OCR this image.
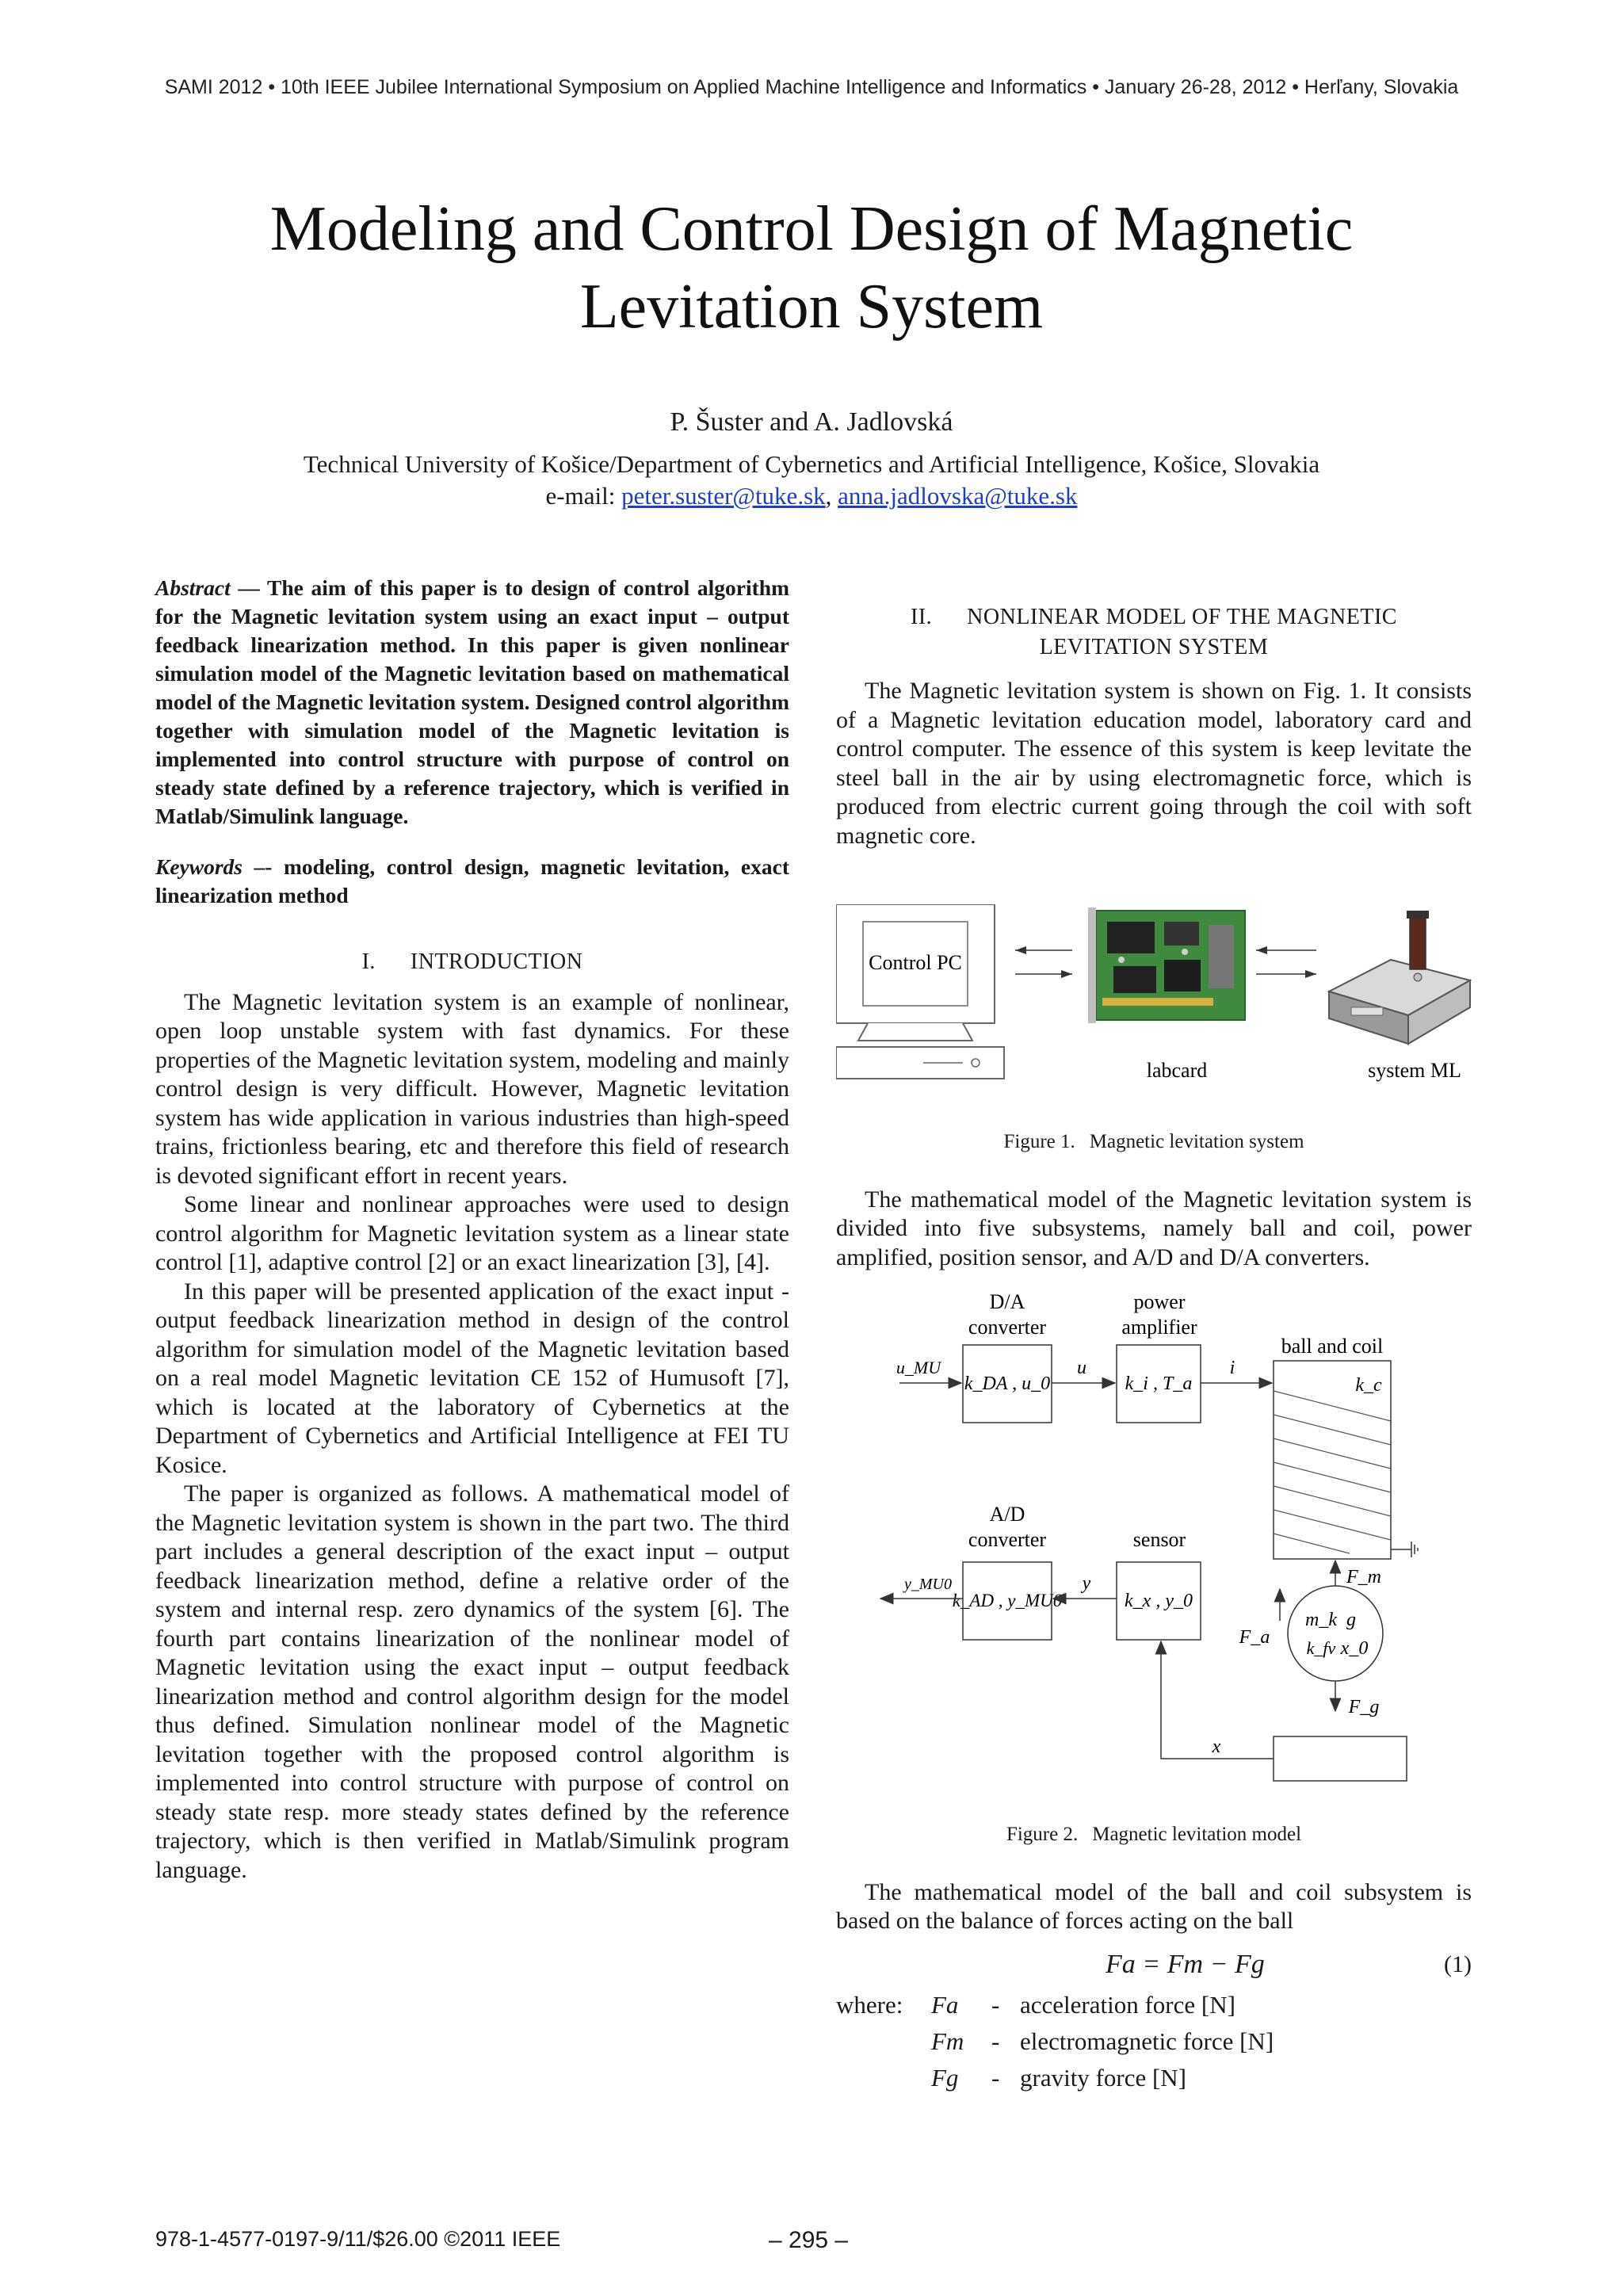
SAMI 2012 • 10th IEEE Jubilee International Symposium on Applied Machine Intelligence and Informatics • January 26-28, 2012 • Herľany, Slovakia
Modeling and Control Design of Magnetic
Levitation System
P. Šuster and A. Jadlovská
Technical University of Košice/Department of Cybernetics and Artificial Intelligence, Košice, Slovakia
e-mail: peter.suster@tuke.sk, anna.jadlovska@tuke.sk

Abstract — The aim of this paper is to design of control algorithm for the Magnetic levitation system using an exact input – output feedback linearization method. In this paper is given nonlinear simulation model of the Magnetic levitation based on mathematical model of the Magnetic levitation system. Designed control algorithm together with simulation model of the Magnetic levitation is implemented into control structure with purpose of control on steady state defined by a reference trajectory, which is verified in Matlab/Simulink language.

Keywords –- modeling, control design, magnetic levitation, exact linearization method

I. INTRODUCTION

The Magnetic levitation system is an example of nonlinear, open loop unstable system with fast dynamics. For these properties of the Magnetic levitation system, modeling and mainly control design is very difficult. However, Magnetic levitation system has wide application in various industries than high-speed trains, frictionless bearing, etc and therefore this field of research is devoted significant effort in recent years.

Some linear and nonlinear approaches were used to design control algorithm for Magnetic levitation system as a linear state control [1], adaptive control [2] or an exact linearization [3], [4].

In this paper will be presented application of the exact input - output feedback linearization method in design of the control algorithm for simulation model of the Magnetic levitation based on a real model Magnetic levitation CE 152 of Humusoft [7], which is located at the laboratory of Cybernetics at the Department of Cybernetics and Artificial Intelligence at FEI TU Kosice.

The paper is organized as follows. A mathematical model of the Magnetic levitation system is shown in the part two. The third part includes a general description of the exact input – output feedback linearization method, define a relative order of the system and internal resp. zero dynamics of the system [6]. The fourth part contains linearization of the nonlinear model of Magnetic levitation using the exact input – output feedback linearization method and control algorithm design for the model thus defined. Simulation nonlinear model of the Magnetic levitation together with the proposed control algorithm is implemented into control structure with purpose of control on steady state resp. more steady states defined by the reference trajectory, which is then verified in Matlab/Simulink program language.

II. NONLINEAR MODEL OF THE MAGNETIC
LEVITATION SYSTEM

The Magnetic levitation system is shown on Fig. 1. It consists of a Magnetic levitation education model, laboratory card and control computer. The essence of this system is keep levitate the steel ball in the air by using electromagnetic force, which is produced from electric current going through the coil with soft magnetic core.

Control PC
labcard	system ML
Figure 1. Magnetic levitation system

The mathematical model of the Magnetic levitation system is divided into five subsystems, namely ball and coil, power amplified, position sensor, and A/D and D/A converters.

D/A
converter
power
amplifier
ball and coil
k_DA , u_0	k_i , T_a	k_c
u_MU	u	i
A/D
converter	sensor
k_AD , y_MU0	k_x , y_0
y
y_MU0
x
m_k g
k_fv x_0
F_m
F_a
F_g
Figure 2. Magnetic levitation model

The mathematical model of the ball and coil subsystem is based on the balance of forces acting on the ball

Fa = Fm − Fg	(1)
where:	Fa	- acceleration force [N]
Fm	- electromagnetic force [N]
Fg	- gravity force [N]
978-1-4577-0197-9/11/$26.00 ©2011 IEEE	– 295 –
